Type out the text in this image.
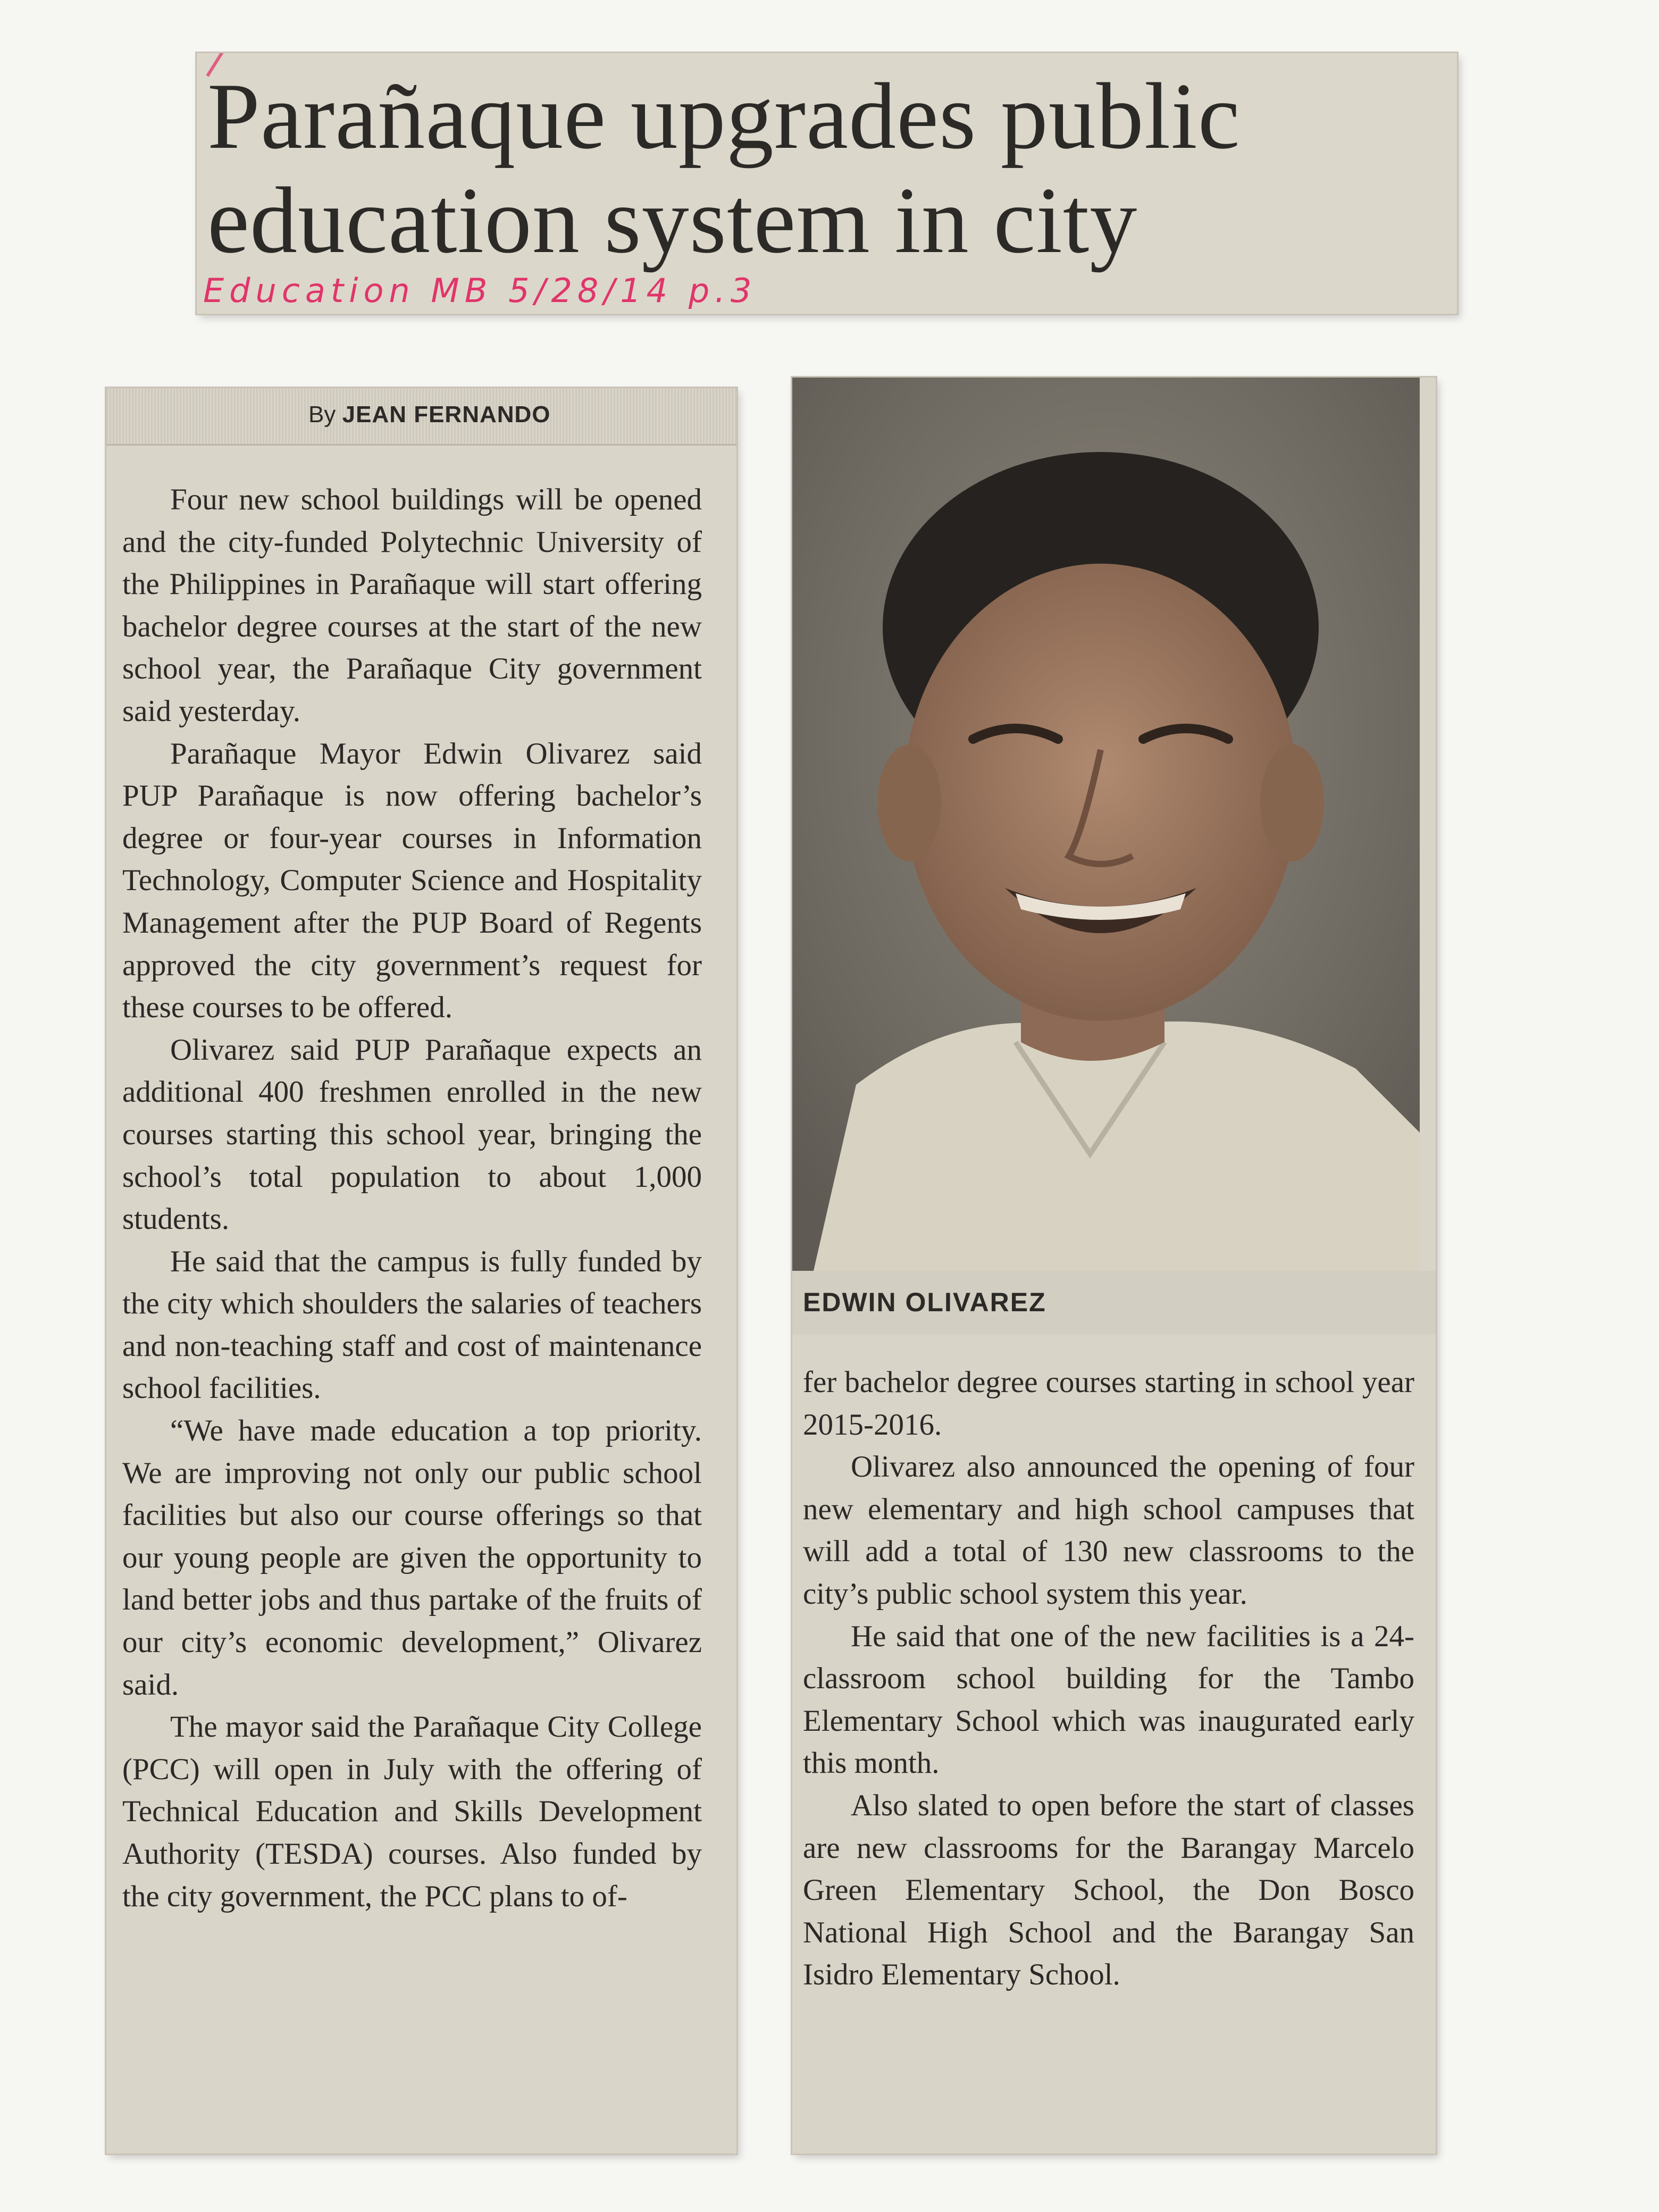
Parañaque upgrades public
education system in city
Education MB 5/28/14 p.3
By JEAN FERNANDO

Four new school buildings will be opened and the city-funded Polytechnic University of the Philippines in Parañaque will start offering bachelor degree courses at the start of the new school year, the Parañaque City government said yesterday.

Parañaque Mayor Edwin Olivarez said PUP Parañaque is now offering bachelor’s degree or four-year courses in Information Technology, Computer Science and Hospitality Management after the PUP Board of Regents approved the city government’s request for these courses to be offered.

Olivarez said PUP Parañaque expects an additional 400 freshmen enrolled in the new courses starting this school year, bringing the school’s total population to about 1,000 students.

He said that the campus is fully funded by the city which shoulders the salaries of teachers and non-teaching staff and cost of maintenance school facilities.

“We have made education a top priority. We are improving not only our public school facilities but also our course offerings so that our young people are given the opportunity to land better jobs and thus partake of the fruits of our city’s economic development,” Olivarez said.

The mayor said the Parañaque City College (PCC) will open in July with the offering of Technical Education and Skills Development Authority (TESDA) courses. Also funded by the city government, the PCC plans to of-

EDWIN OLIVAREZ

fer bachelor degree courses starting in school year 2015-2016.

Olivarez also announced the opening of four new elementary and high school campuses that will add a total of 130 new classrooms to the city’s public school system this year.

He said that one of the new facilities is a 24-classroom school building for the Tambo Elementary School which was inaugurated early this month.

Also slated to open before the start of classes are new classrooms for the Barangay Marcelo Green Elementary School, the Don Bosco National High School and the Barangay San Isidro Elementary School.
